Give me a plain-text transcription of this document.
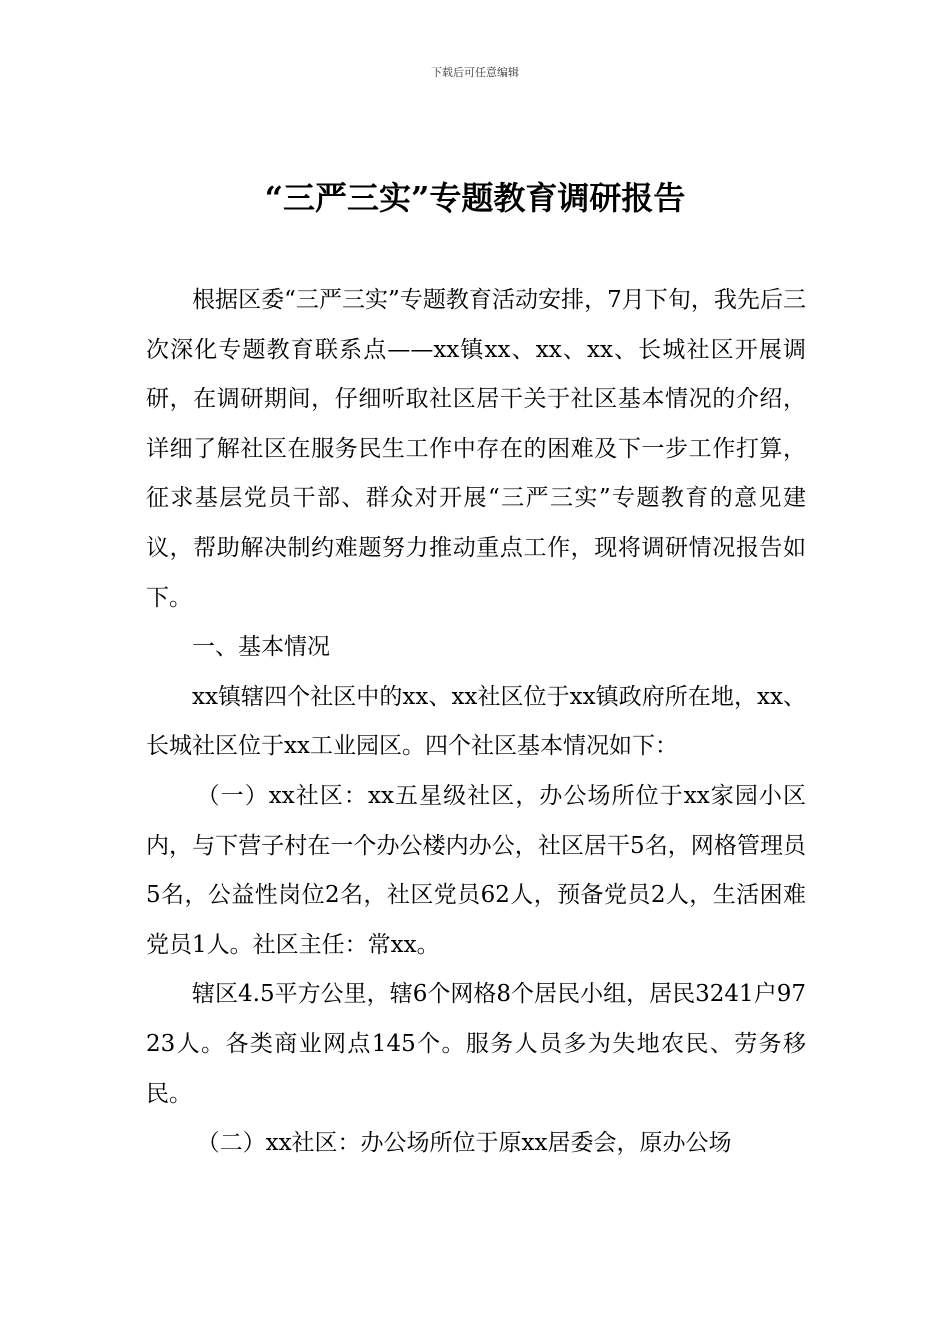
下载后可任意编辑
“三严三实”专题教育调研报告

根据区委“三严三实”专题教育活动安排，7月下旬，我先后三次深化专题教育联系点——xx镇xx、xx、xx、长城社区开展调研，在调研期间，仔细听取社区居干关于社区基本情况的介绍，详细了解社区在服务民生工作中存在的困难及下一步工作打算，征求基层党员干部、群众对开展“三严三实”专题教育的意见建议，帮助解决制约难题努力推动重点工作，现将调研情况报告如下。

一、基本情况

xx镇辖四个社区中的xx、xx社区位于xx镇政府所在地，xx、长城社区位于xx工业园区。四个社区基本情况如下：

（一）xx社区：xx五星级社区，办公场所位于xx家园小区内，与下营子村在一个办公楼内办公，社区居干5名，网格管理员5名，公益性岗位2名，社区党员62人，预备党员2人，生活困难党员1人。社区主任：常xx。

辖区4.5平方公里，辖6个网格8个居民小组，居民3241户9723人。各类商业网点145个。服务人员多为失地农民、劳务移民。

（二）xx社区：办公场所位于原xx居委会，原办公场
